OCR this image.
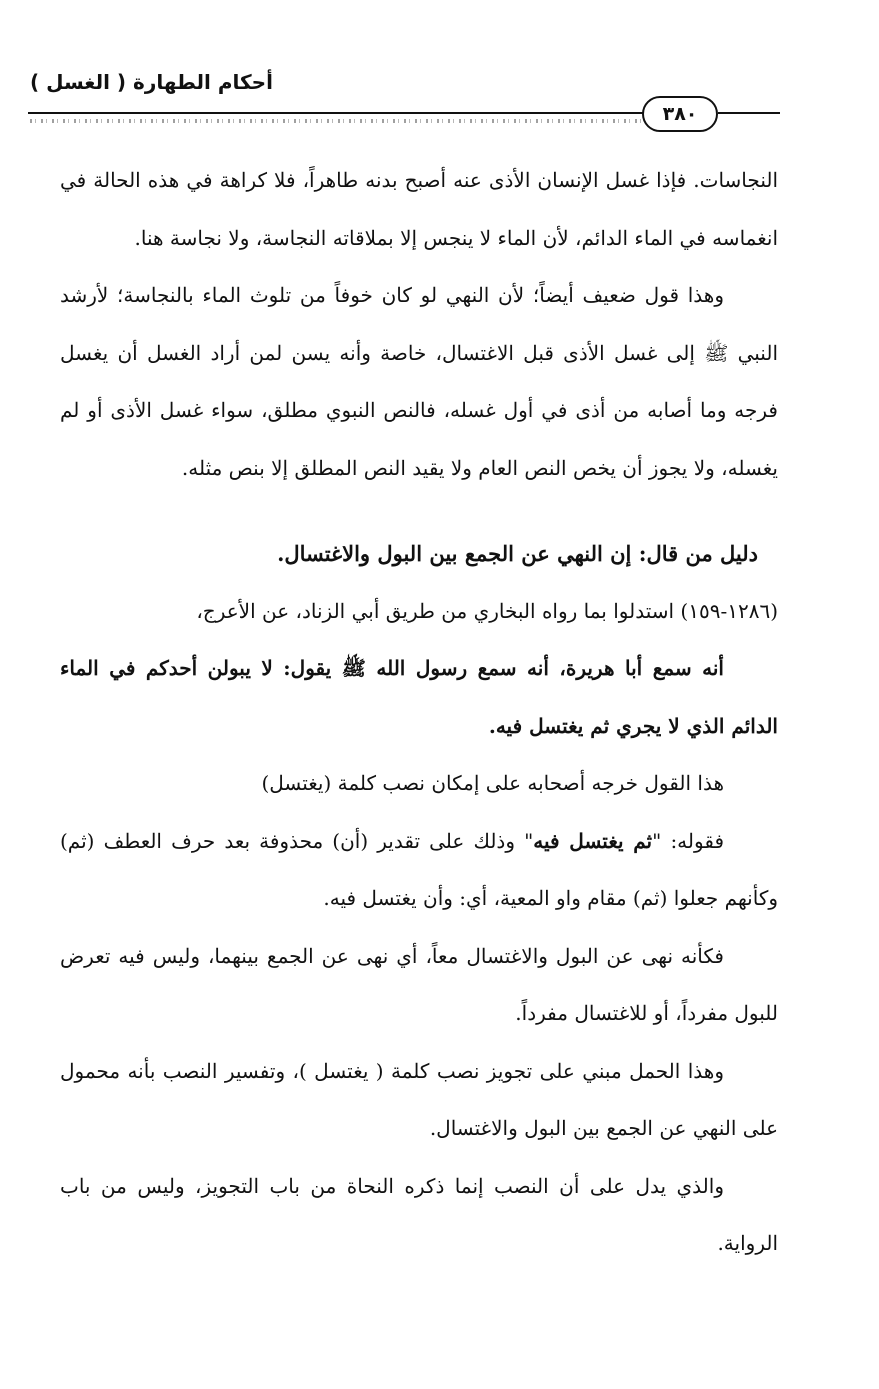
أحكام الطهارة ( الغسل )
٣٨٠

النجاسات. فإذا غسل الإنسان الأذى عنه أصبح بدنه طاهراً، فلا كراهة في هذه الحالة في انغماسه في الماء الدائم، لأن الماء لا ينجس إلا بملاقاته النجاسة، ولا نجاسة هنا.

وهذا قول ضعيف أيضاً؛ لأن النهي لو كان خوفاً من تلوث الماء بالنجاسة؛ لأرشد النبي ﷺ إلى غسل الأذى قبل الاغتسال، خاصة وأنه يسن لمن أراد الغسل أن يغسل فرجه وما أصابه من أذى في أول غسله، فالنص النبوي مطلق، سواء غسل الأذى أو لم يغسله، ولا يجوز أن يخص النص العام ولا يقيد النص المطلق إلا بنص مثله.

دليل من قال: إن النهي عن الجمع بين البول والاغتسال.

(١٢٨٦-١٥٩) استدلوا بما رواه البخاري من طريق أبي الزناد، عن الأعرج،

أنه سمع أبا هريرة، أنه سمع رسول الله ﷺ يقول: لا يبولن أحدكم في الماء الدائم الذي لا يجري ثم يغتسل فيه.

هذا القول خرجه أصحابه على إمكان نصب كلمة (يغتسل)

فقوله: "ثم يغتسل فيه" وذلك على تقدير (أن) محذوفة بعد حرف العطف (ثم) وكأنهم جعلوا (ثم) مقام واو المعية، أي: وأن يغتسل فيه.

فكأنه نهى عن البول والاغتسال معاً، أي نهى عن الجمع بينهما، وليس فيه تعرض للبول مفرداً، أو للاغتسال مفرداً.

وهذا الحمل مبني على تجويز نصب كلمة ( يغتسل )، وتفسير النصب بأنه محمول على النهي عن الجمع بين البول والاغتسال.

والذي يدل على أن النصب إنما ذكره النحاة من باب التجويز، وليس من باب الرواية.
